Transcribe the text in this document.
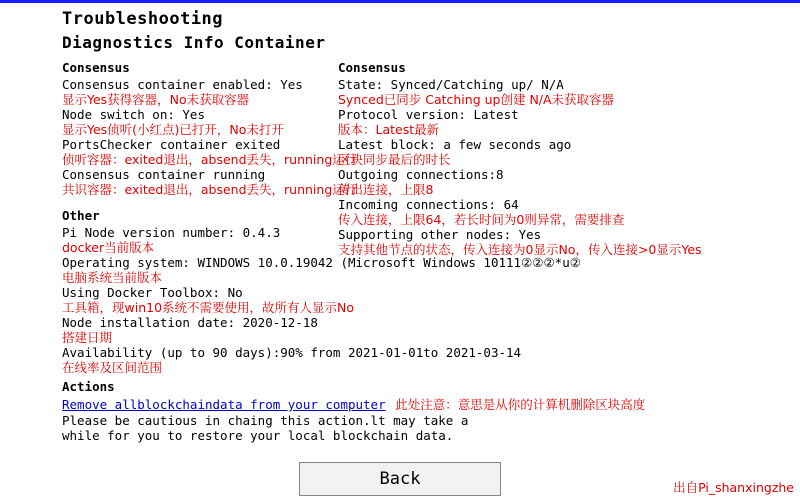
Troubleshooting
Diagnostics Info Container
Consensus
Consensus container enabled: Yes
显示Yes获得容器，No未获取容器
Node switch on: Yes
显示Yes侦听(小红点)已打开，No未打开
PortsChecker container exited
侦听容器：exited退出，absend丢失，running运行
Consensus container running
共识容器：exited退出，absend丢失，running运行
Other
Pi Node version number: 0.4.3
docker当前版本
Operating system: WINDOWS 10.0.19042 (Microsoft Windows 10111②②②*u②
电脑系统当前版本
Using Docker Toolbox: No
工具箱，现win10系统不需要使用，故所有人显示No
Node installation date: 2020-12-18
搭建日期
Availability (up to 90 days):90% from 2021-01-01to 2021-03-14
在线率及区间范围
Actions
Remove allblockchaindata from your computer 此处注意：意思是从你的计算机删除区块高度
Please be cautious in chaing this action.lt may take a
while for you to restore your local blockchain data.
Consensus
State: Synced/Catching up/ N/A
Synced已同步 Catching up创建 N/A未获取容器
Protocol version: Latest
版本：Latest最新
Latest block: a few seconds ago
区块同步最后的时长
Outgoing connections:8
传出连接，上限8
Incoming connections: 64
传入连接，上限64，若长时间为0则异常，需要排查
Supporting other nodes: Yes
支持其他节点的状态，传入连接为0显示No，传入连接>0显示Yes
Back	出自Pi_shanxingzhe
